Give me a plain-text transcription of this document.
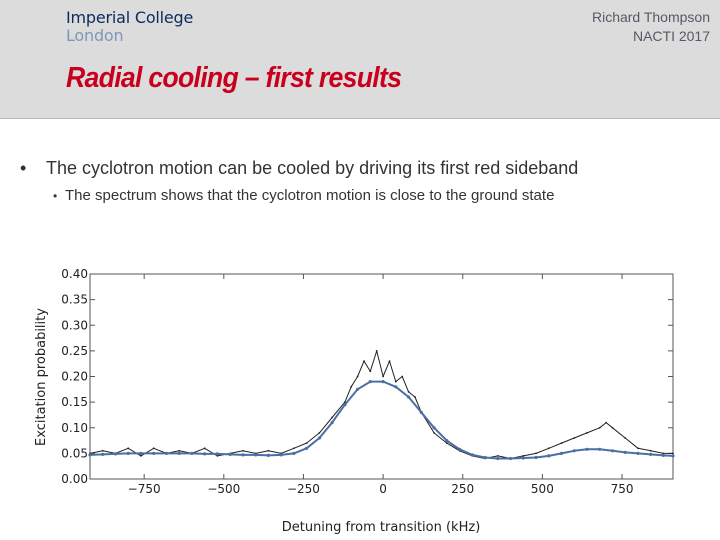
Imperial College
London
Richard Thompson
NACTI 2017
Radial cooling – first results
• The cyclotron motion can be cooled by driving its first red sideband
• The spectrum shows that the cyclotron motion is close to the ground state
0.00
0.05
0.10
0.15
0.20
0.25
0.30
0.35
0.40
−750	−500	−250	0	250	500	750
Detuning from transition (kHz)
Excitation probability
